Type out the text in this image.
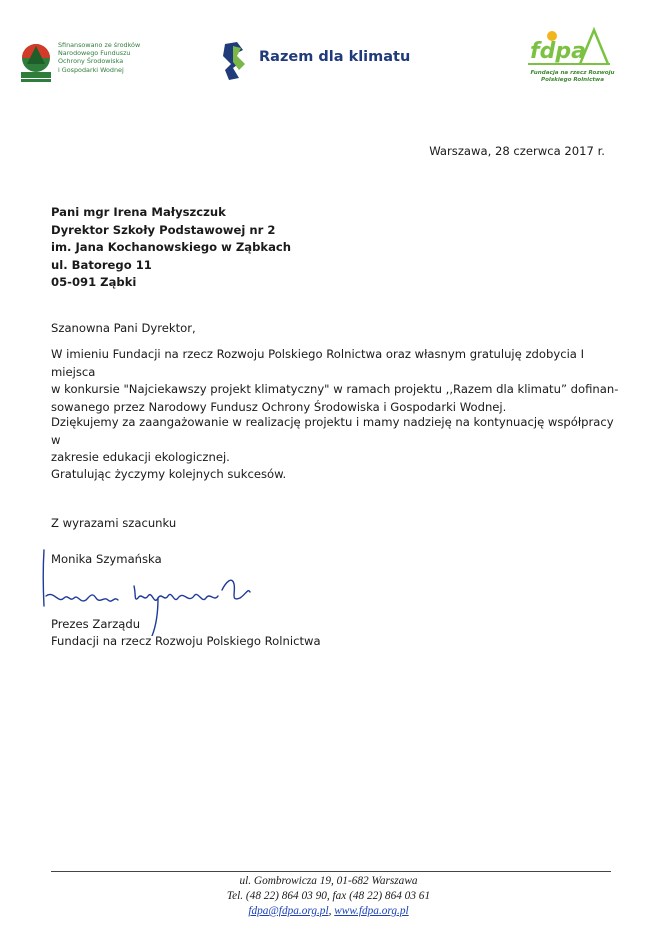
Sfinansowano ze środków
Narodowego Funduszu
Ochrony Środowiska
i Gospodarki Wodnej
Razem dla klimatu	fdpa
Fundacja na rzecz Rozwoju
Polskiego Rolnictwa
Warszawa, 28 czerwca 2017 r.
Pani mgr Irena Małyszczuk
Dyrektor Szkoły Podstawowej nr 2
im. Jana Kochanowskiego w Ząbkach
ul. Batorego 11
05-091 Ząbki
Szanowna Pani Dyrektor,
W imieniu Fundacji na rzecz Rozwoju Polskiego Rolnictwa oraz własnym gratuluję zdobycia I miejsca
w konkursie "Najciekawszy projekt klimatyczny" w ramach projektu ,,Razem dla klimatu” dofinan-
sowanego przez Narodowy Fundusz Ochrony Środowiska i Gospodarki Wodnej.
Dziękujemy za zaangażowanie w realizację projektu i mamy nadzieję na kontynuację współpracy w
zakresie edukacji ekologicznej.
Gratulując życzymy kolejnych sukcesów.
Z wyrazami szacunku
Monika Szymańska
Prezes Zarządu
Fundacji na rzecz Rozwoju Polskiego Rolnictwa
ul. Gombrowicza 19, 01-682 Warszawa
Tel. (48 22) 864 03 90, fax (48 22) 864 03 61
fdpa@fdpa.org.pl, www.fdpa.org.pl
